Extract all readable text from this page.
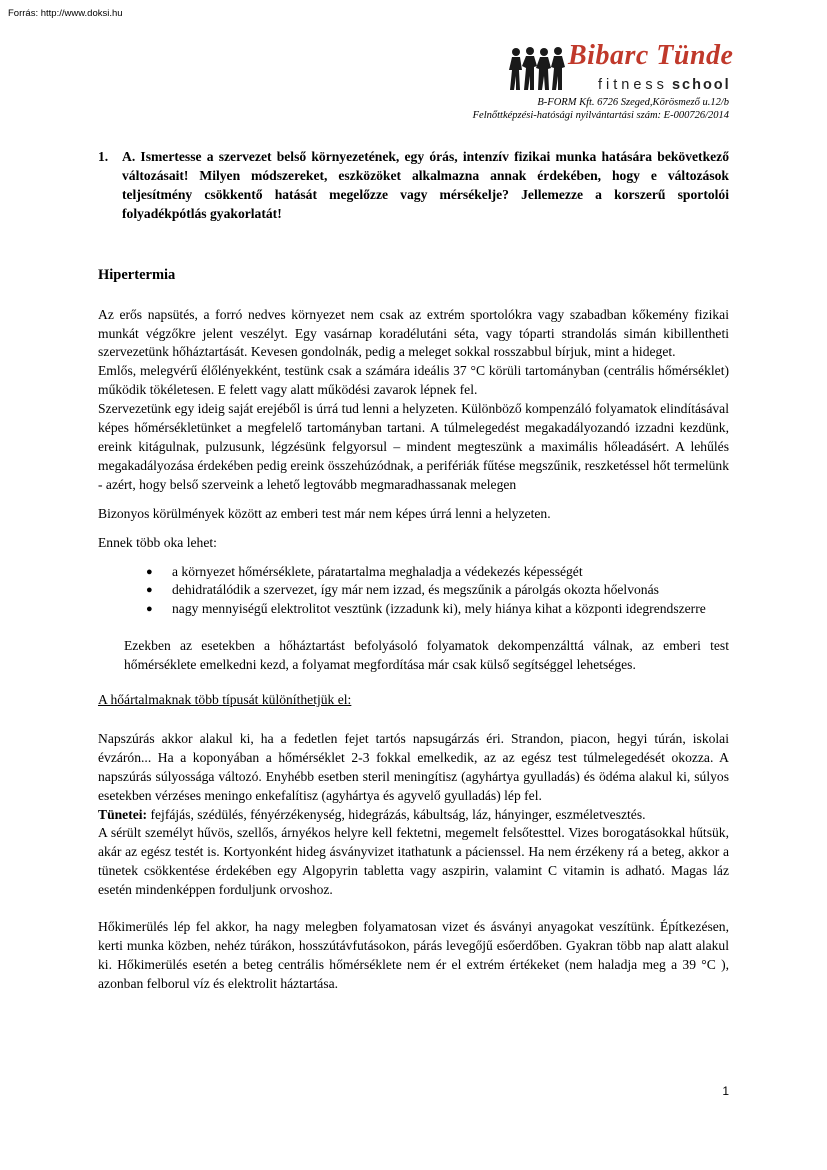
Forrás: http://www.doksi.hu
Bibarc Tünde
fitness school
B-FORM Kft. 6726 Szeged,Körösmező u.12/b
Felnőttképzési-hatósági nyilvántartási szám: E-000726/2014
1.	A. Ismertesse a szervezet belső környezetének, egy órás, intenzív fizikai munka hatására bekövetkező változásait! Milyen módszereket, eszközöket alkalmazna annak érdekében, hogy e változások teljesítmény csökkentő hatását megelőzze vagy mérsékelje? Jellemezze a korszerű sportolói folyadékpótlás gyakorlatát!
Hipertermia

Az erős napsütés, a forró nedves környezet nem csak az extrém sportolókra vagy szabadban kőkemény fizikai munkát végzőkre jelent veszélyt. Egy vasárnap koradélutáni séta, vagy tóparti strandolás simán kibillentheti szervezetünk hőháztartását. Kevesen gondolnák, pedig a meleget sokkal rosszabbul bírjuk, mint a hideget.

Emlős, melegvérű élőlényekként, testünk csak a számára ideális 37 °C körüli tartományban (centrális hőmérséklet) működik tökéletesen. E felett vagy alatt működési zavarok lépnek fel.

Szervezetünk egy ideig saját erejéből is úrrá tud lenni a helyzeten. Különböző kompenzáló folyamatok elindításával képes hőmérsékletünket a megfelelő tartományban tartani. A túlmelegedést megakadályozandó izzadni kezdünk, ereink kitágulnak, pulzusunk, légzésünk felgyorsul – mindent megteszünk a maximális hőleadásért. A lehűlés megakadályozása érdekében pedig ereink összehúzódnak, a perifériák fűtése megszűnik, reszketéssel hőt termelünk - azért, hogy belső szerveink a lehető legtovább megmaradhassanak melegen

Bizonyos körülmények között az emberi test már nem képes úrrá lenni a helyzeten.

Ennek több oka lehet:

● a környezet hőmérséklete, páratartalma meghaladja a védekezés képességét
● dehidratálódik a szervezet, így már nem izzad, és megszűnik a párolgás okozta hőelvonás
● nagy mennyiségű elektrolitot vesztünk (izzadunk ki), mely hiánya kihat a központi idegrendszerre

Ezekben az esetekben a hőháztartást befolyásoló folyamatok dekompenzálttá válnak, az emberi test hőmérséklete emelkedni kezd, a folyamat megfordítása már csak külső segítséggel lehetséges.

A hőártalmaknak több típusát különíthetjük el:

Napszúrás akkor alakul ki, ha a fedetlen fejet tartós napsugárzás éri. Strandon, piacon, hegyi túrán, iskolai évzárón... Ha a koponyában a hőmérséklet 2-3 fokkal emelkedik, az az egész test túlmelegedését okozza. A napszúrás súlyossága változó. Enyhébb esetben steril meningítisz (agyhártya gyulladás) és ödéma alakul ki, súlyos esetekben vérzéses meningo enkefalítisz (agyhártya és agyvelő gyulladás) lép fel.

Tünetei: fejfájás, szédülés, fényérzékenység, hidegrázás, kábultság, láz, hányinger, eszméletvesztés.

A sérült személyt hűvös, szellős, árnyékos helyre kell fektetni, megemelt felsőtesttel. Vizes borogatásokkal hűtsük, akár az egész testét is. Kortyonként hideg ásványvizet itathatunk a pácienssel. Ha nem érzékeny rá a beteg, akkor a tünetek csökkentése érdekében egy Algopyrin tabletta vagy aszpirin, valamint C vitamin is adható. Magas láz esetén mindenképpen forduljunk orvoshoz.

Hőkimerülés lép fel akkor, ha nagy melegben folyamatosan vizet és ásványi anyagokat veszítünk. Építkezésen, kerti munka közben, nehéz túrákon, hosszútávfutásokon, párás levegőjű esőerdőben. Gyakran több nap alatt alakul ki. Hőkimerülés esetén a beteg centrális hőmérséklete nem ér el extrém értékeket (nem haladja meg a 39 °C ), azonban felborul víz és elektrolit háztartása.

1
